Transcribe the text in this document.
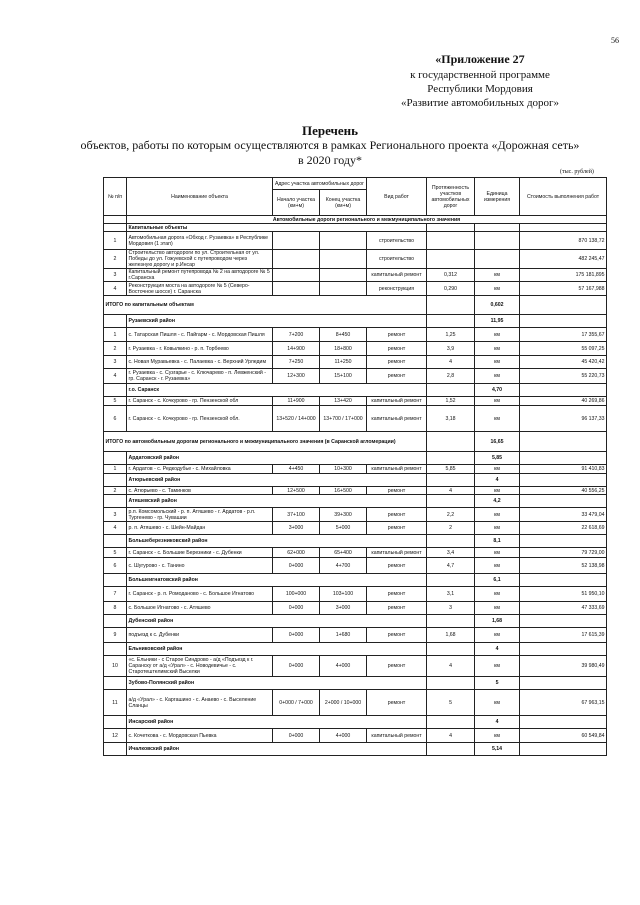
56
«Приложение 27
к государственной программе
Республики Мордовия
«Развитие автомобильных дорог»
Перечень
объектов, работы по которым осуществляются в рамках Регионального проекта «Дорожная сеть»
в 2020 году*
(тыс. рублей)
№ п/п	Наименование объекта	Адрес участка автомобильных дорог		Вид работ	Протяженность участков автомобильных дорог	Единица измерения	Стоимость выполнения работ	
		Начало участка (км+м)	Конец участка (км+м)					
	Автомобильные дороги регионального и межмуниципального значения							
	Капитальные объекты							
1	Автомобильная дорога «Обход г. Рузаевка» в Республике Мордовия (1 этап)			строительство			870 138,72	
2	Строительство автодороги по ул. Строительная от ул. Победы до ул. Гожуевской с путепроводом через железную дорогу и р.Инсар			строительство			482 245,47	
3	Капитальный ремонт путепровода № 2 на автодороге № 5 г.Саранска			капитальный ремонт	0,312	км	175 181,895	
4	Реконструкция моста на автодороге № 5 (Северо-Восточное шоссе) г. Саранска			реконструкция	0,290	км	57 167,988	
ИТОГО по капитальным объектам						0,602		
	Рузаевский район					11,95		
1	с. Татарская Пишля - с. Пайгарм - с. Мордовская Пишля	7+200	8+450	ремонт	1,25	км	17 355,67	
2	г. Рузаевка - г. Ковылкино - р. п. Торбеево	14+900	18+800	ремонт	3,9	км	55 097,25	
3	с. Новая Муравьевка - с. Палаевка - с. Верхний Урледим	7+250	11+250	ремонт	4	км	45 420,42	
4	г. Рузаевка - с. Сузгарье - с. Ключарево - п. Левженский - гр. Саранск - г. Рузаевка»	12+300	15+100	ремонт	2,8	км	55 220,73	
	г.о. Саранск					4,70		
5	г. Саранск - с. Кочкурово - гр. Пензенской обл	11+900	13+420	капитальный ремонт	1,52	км	40 269,86	
6	г. Саранск - с. Кочкурово - гр. Пензенской обл.	13+520 / 14+000	13+700 / 17+000	капитальный ремонт	3,18	км	96 137,33	
ИТОГО по автомобильным дорогам регионального и межмуниципального значения (в Саранской агломерации)						16,65		
	Ардатовский район					5,85		
1	г. Ардатов - с. Редкодубье - с. Михайловка	4+450	10+300	капитальный ремонт	5,85	км	91 410,83	
	Атюрьевский район					4		
2	с. Атюрьево - с. Таминков	12+500	16+500	ремонт	4	км	40 556,25	
	Атяшевский район					4,2		
3	р.п. Комсомольский - р. п. Атяшево - г. Ардатов - р.п. Тургенево - гр. Чувашии	37+100	39+300	ремонт	2,2	км	33 479,04	
4	р. п. Атяшево - с. Шейн-Майдан	3+000	5+000	ремонт	2	км	22 618,69	
	Большеберезниковский район					8,1		
5	г. Саранск - с. Большие Березники - с. Дубенки	62+000	65+400	капитальный ремонт	3,4	км	79 729,00	
6	с. Шугурово - с. Танино	0+000	4+700	ремонт	4,7	км	52 138,98	
	Большеигнатовский район					6,1		
7	г. Саранск - р. п. Ромодановo - с. Большое Игнатово	100+000	103+100	ремонт	3,1	км	51 950,10	
8	с. Большое Игнатово - с. Атяшево	0+000	3+000	ремонт	3	км	47 333,69	
	Дубенский район					1,68		
9	подъезд к с. Дубенки	0+000	1+680	ремонт	1,68	км	17 615,39	
	Ельниковский район					4		
10	«с. Ельники - с Старое Синдрово - а/д «Подъезд к г. Саранску от а/д «Урал» - с. Новодевичье - с. Старотештелимский Выселки	0+000	4+000	ремонт	4	км	39 980,49	
	Зубово-Полянский район					5		
11	а/д «Урал» - с. Каргашино - с. Анаево - с. Выселение Сланцы	0+000 / 7+000	2+000 / 10+000	ремонт	5	км	67 963,15	
	Инсарский район					4		
12	с. Кочеткова - с. Мордовская Пьевка	0+000	4+000	капитальный ремонт	4	км	60 549,84	
	Ичалковский район					5,14		
